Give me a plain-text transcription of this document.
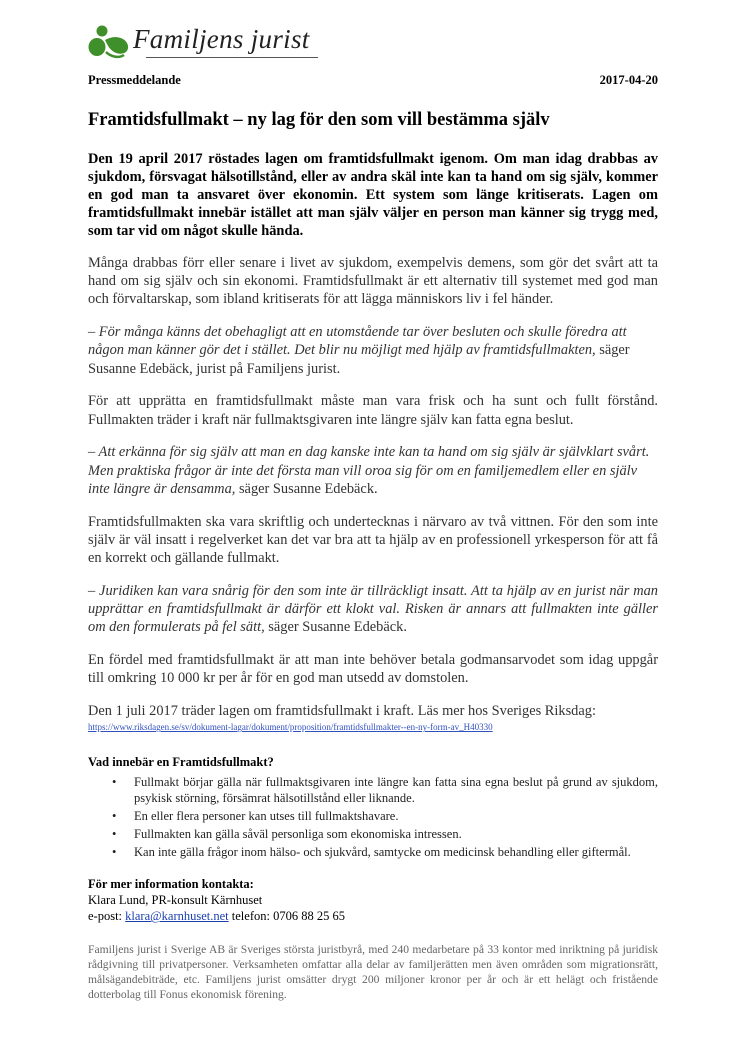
Familjens jurist
Pressmeddelande	2017-04-20
Framtidsfullmakt – ny lag för den som vill bestämma själv

Den 19 april 2017 röstades lagen om framtidsfullmakt igenom. Om man idag drabbas av sjukdom, försvagat hälsotillstånd, eller av andra skäl inte kan ta hand om sig själv, kommer en god man ta ansvaret över ekonomin. Ett system som länge kritiserats. Lagen om framtidsfullmakt innebär istället att man själv väljer en person man känner sig trygg med, som tar vid om något skulle hända.

Många drabbas förr eller senare i livet av sjukdom, exempelvis demens, som gör det svårt att ta hand om sig själv och sin ekonomi. Framtidsfullmakt är ett alternativ till systemet med god man och förvaltarskap, som ibland kritiserats för att lägga människors liv i fel händer.

– För många känns det obehagligt att en utomstående tar över besluten och skulle föredra att någon man känner gör det i stället. Det blir nu möjligt med hjälp av framtidsfullmakten, säger Susanne Edebäck, jurist på Familjens jurist.

För att upprätta en framtidsfullmakt måste man vara frisk och ha sunt och fullt förstånd. Fullmakten träder i kraft när fullmaktsgivaren inte längre själv kan fatta egna beslut.

– Att erkänna för sig själv att man en dag kanske inte kan ta hand om sig själv är självklart svårt. Men praktiska frågor är inte det första man vill oroa sig för om en familjemedlem eller en själv inte längre är densamma, säger Susanne Edebäck.

Framtidsfullmakten ska vara skriftlig och undertecknas i närvaro av två vittnen. För den som inte själv är väl insatt i regelverket kan det var bra att ta hjälp av en professionell yrkesperson för att få en korrekt och gällande fullmakt.

– Juridiken kan vara snårig för den som inte är tillräckligt insatt. Att ta hjälp av en jurist när man upprättar en framtidsfullmakt är därför ett klokt val. Risken är annars att fullmakten inte gäller om den formulerats på fel sätt, säger Susanne Edebäck.

En fördel med framtidsfullmakt är att man inte behöver betala godmansarvodet som idag uppgår till omkring 10 000 kr per år för en god man utsedd av domstolen.

Den 1 juli 2017 träder lagen om framtidsfullmakt i kraft. Läs mer hos Sveriges Riksdag:
https://www.riksdagen.se/sv/dokument-lagar/dokument/proposition/framtidsfullmakter--en-ny-form-av_H40330

Vad innebär en Framtidsfullmakt?
• Fullmakt börjar gälla när fullmaktsgivaren inte längre kan fatta sina egna beslut på grund av sjukdom, psykisk störning, försämrat hälsotillstånd eller liknande.
• En eller flera personer kan utses till fullmaktshavare.
• Fullmakten kan gälla såväl personliga som ekonomiska intressen.
• Kan inte gälla frågor inom hälso- och sjukvård, samtycke om medicinsk behandling eller giftermål.
För mer information kontakta:
Klara Lund, PR-konsult Kärnhuset
e-post: klara@karnhuset.net telefon: 0706 88 25 65
Familjens jurist i Sverige AB är Sveriges största juristbyrå, med 240 medarbetare på 33 kontor med inriktning på juridisk rådgivning till privatpersoner. Verksamheten omfattar alla delar av familjerätten men även områden som migrationsrätt, målsägandebiträde, etc. Familjens jurist omsätter drygt 200 miljoner kronor per år och är ett helägt och fristående dotterbolag till Fonus ekonomisk förening.
